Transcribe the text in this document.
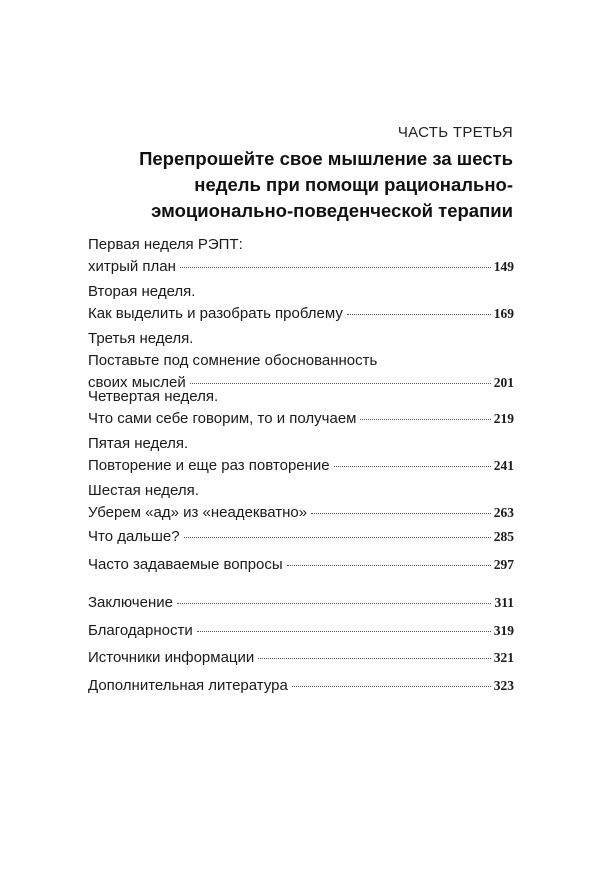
ЧАСТЬ ТРЕТЬЯ
Перепрошейте свое мышление за шесть
недель при помощи рационально-
эмоционально-поведенческой терапии
Первая неделя РЭПТ:
хитрый план	149
Вторая неделя.
Как выделить и разобрать проблему	169
Третья неделя.
Поставьте под сомнение обоснованность
своих мыслей	201
Четвертая неделя.
Что сами себе говорим, то и получаем	219
Пятая неделя.
Повторение и еще раз повторение	241
Шестая неделя.
Уберем «ад» из «неадекватно»	263
Что дальше?	285
Часто задаваемые вопросы	297
Заключение	311
Благодарности	319
Источники информации	321
Дополнительная литература	323
